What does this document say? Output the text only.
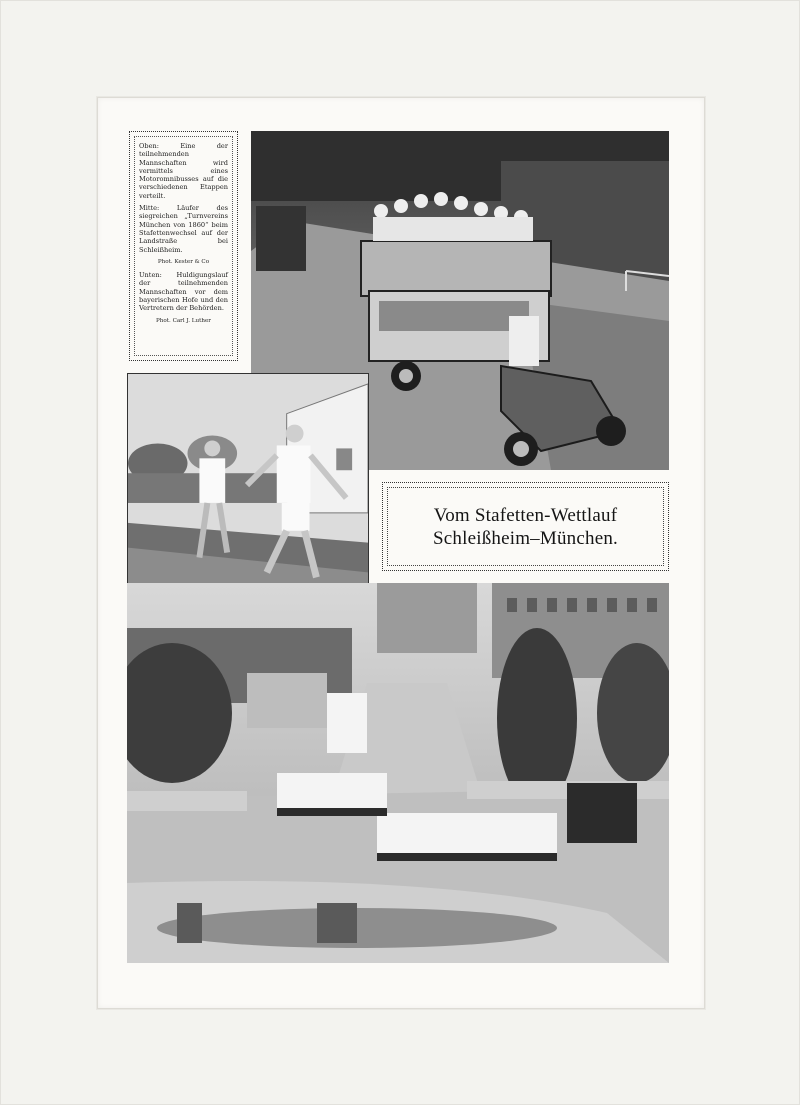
Oben: Eine der teilnehmenden Mannschaften wird vermittels eines Motoromnibusses auf die verschiedenen Etappen verteilt.

Mitte: Läufer des siegreichen „Turnvereins München von 1860“ beim Stafettenwechsel auf der Landstraße bei Schleißheim.

Phot. Kester & Co

Unten: Huldigungslauf der teilnehmenden Mannschaften vor dem bayerischen Hofe und den Vertretern der Behörden.

Phot. Carl J. Luther

Vom Stafetten-Wettlauf
Schleißheim–München.
